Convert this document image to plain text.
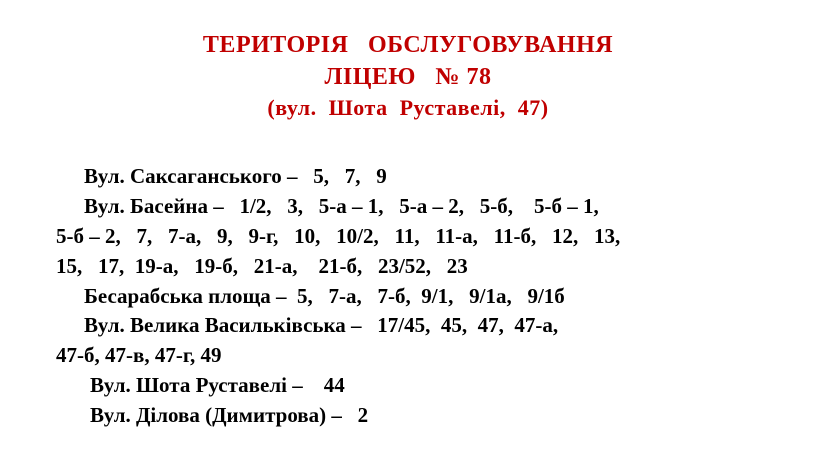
ТЕРИТОРІЯ   ОБСЛУГОВУВАННЯ
ЛІЦЕЮ   № 78
(вул.  Шота  Руставелі,  47)
Вул. Саксаганського –   5,   7,   9
Вул. Басейна –   1/2,   3,   5-а – 1,   5-а – 2,   5-б,    5-б – 1,
5-б – 2,   7,   7-а,   9,   9-г,   10,   10/2,   11,   11-а,   11-б,   12,   13,
15,   17,  19-а,   19-б,   21-а,    21-б,   23/52,   23
Бесарабська площа –  5,   7-а,   7-б,  9/1,   9/1а,   9/1б
Вул. Велика Васильківська –   17/45,  45,  47,  47-а,
47-б, 47-в, 47-г, 49
Вул. Шота Руставелі –    44
Вул. Ділова (Димитрова) –   2
